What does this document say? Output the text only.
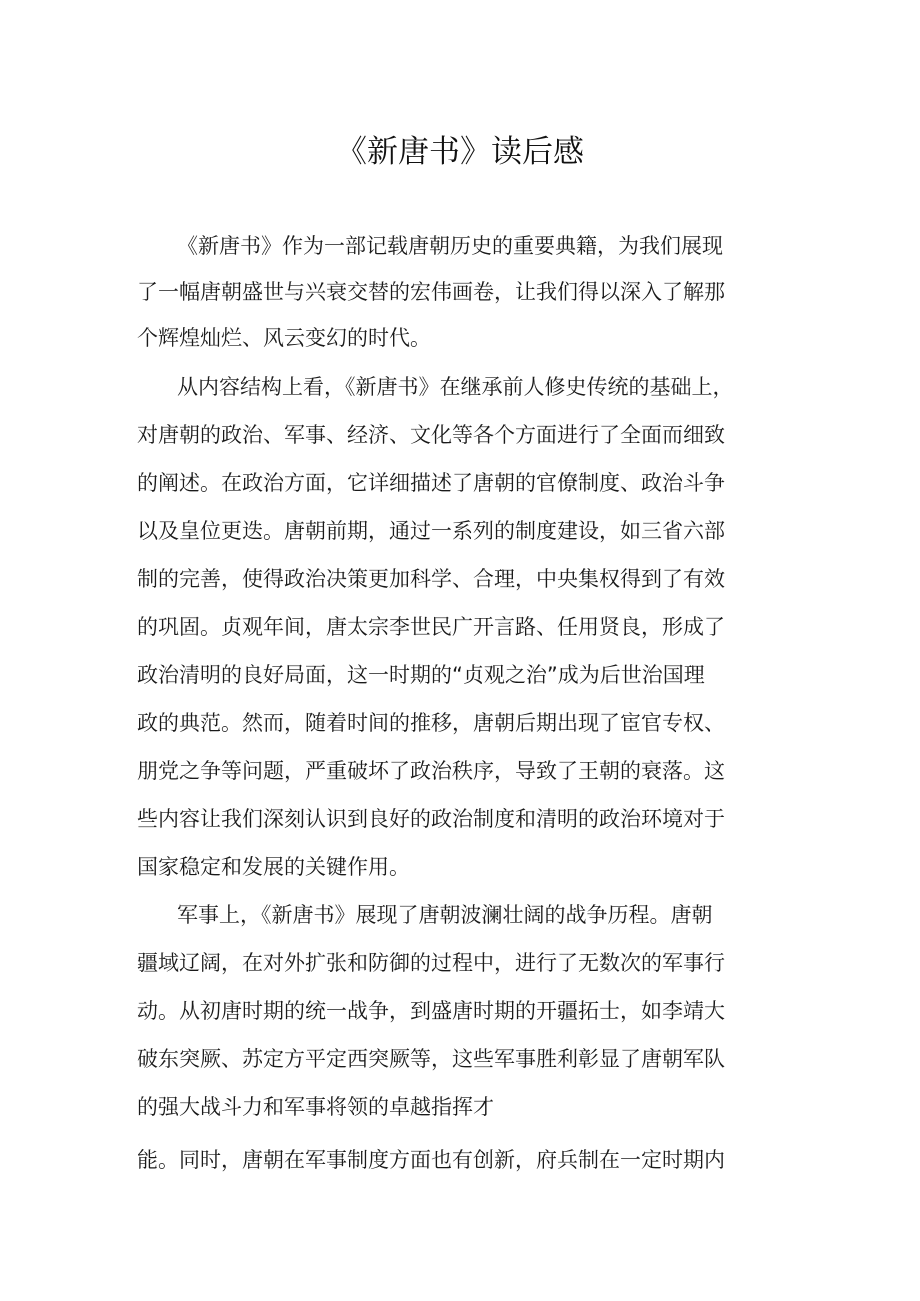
《新唐书》读后感
《新唐书》作为一部记载唐朝历史的重要典籍，为我们展现
了一幅唐朝盛世与兴衰交替的宏伟画卷，让我们得以深入了解那
个辉煌灿烂、风云变幻的时代。
从内容结构上看，《新唐书》在继承前人修史传统的基础上，
对唐朝的政治、军事、经济、文化等各个方面进行了全面而细致
的阐述。在政治方面，它详细描述了唐朝的官僚制度、政治斗争
以及皇位更迭。唐朝前期，通过一系列的制度建设，如三省六部
制的完善，使得政治决策更加科学、合理，中央集权得到了有效
的巩固。贞观年间，唐太宗李世民广开言路、任用贤良，形成了
政治清明的良好局面，这一时期的“贞观之治”成为后世治国理
政的典范。然而，随着时间的推移，唐朝后期出现了宦官专权、
朋党之争等问题，严重破坏了政治秩序，导致了王朝的衰落。这
些内容让我们深刻认识到良好的政治制度和清明的政治环境对于
国家稳定和发展的关键作用。
军事上，《新唐书》展现了唐朝波澜壮阔的战争历程。唐朝
疆域辽阔，在对外扩张和防御的过程中，进行了无数次的军事行
动。从初唐时期的统一战争，到盛唐时期的开疆拓士，如李靖大
破东突厥、苏定方平定西突厥等，这些军事胜利彰显了唐朝军队
的强大战斗力和军事将领的卓越指挥才
能。同时，唐朝在军事制度方面也有创新，府兵制在一定时期内
